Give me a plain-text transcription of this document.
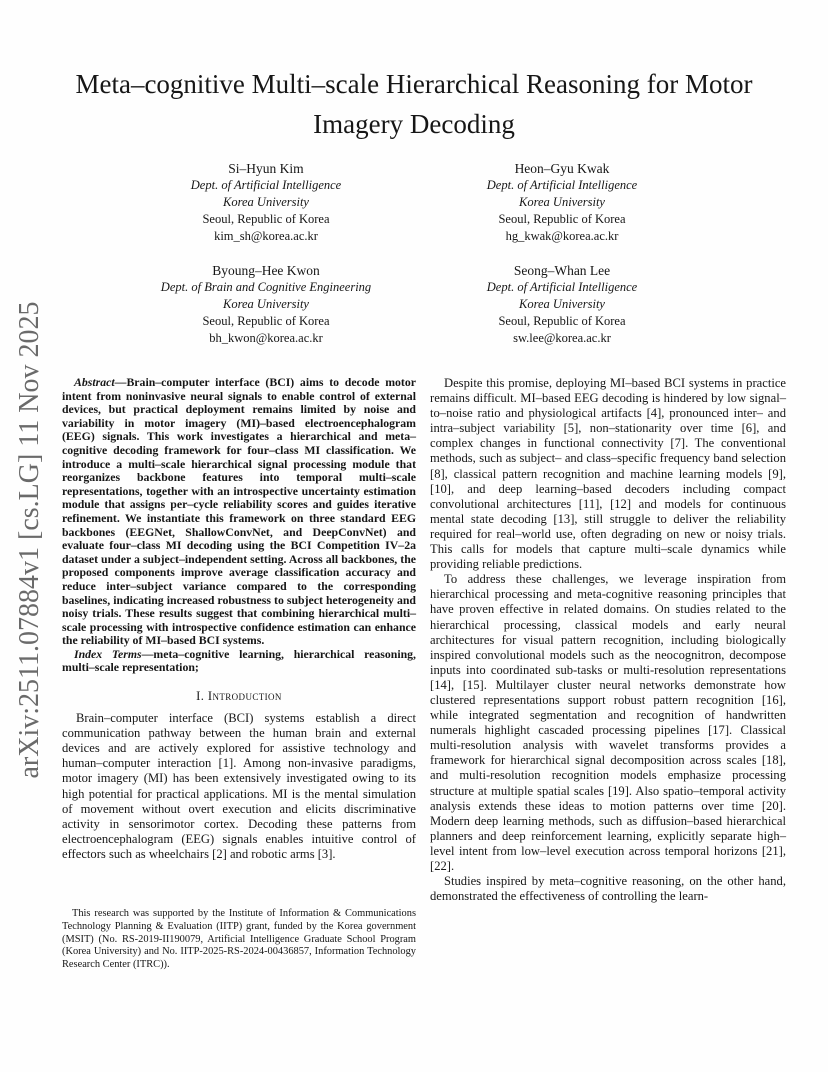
arXiv:2511.07884v1 [cs.LG] 11 Nov 2025
Meta–cognitive Multi–scale Hierarchical Reasoning for Motor Imagery Decoding
Si–Hyun Kim
Dept. of Artificial Intelligence
Korea University
Seoul, Republic of Korea
kim_sh@korea.ac.kr
Heon–Gyu Kwak
Dept. of Artificial Intelligence
Korea University
Seoul, Republic of Korea
hg_kwak@korea.ac.kr
Byoung–Hee Kwon
Dept. of Brain and Cognitive Engineering
Korea University
Seoul, Republic of Korea
bh_kwon@korea.ac.kr
Seong–Whan Lee
Dept. of Artificial Intelligence
Korea University
Seoul, Republic of Korea
sw.lee@korea.ac.kr

Abstract—Brain–computer interface (BCI) aims to decode motor intent from noninvasive neural signals to enable control of external devices, but practical deployment remains limited by noise and variability in motor imagery (MI)–based electroencephalogram (EEG) signals. This work investigates a hierarchical and meta–cognitive decoding framework for four–class MI classification. We introduce a multi–scale hierarchical signal processing module that reorganizes backbone features into temporal multi–scale representations, together with an introspective uncertainty estimation module that assigns per–cycle reliability scores and guides iterative refinement. We instantiate this framework on three standard EEG backbones (EEGNet, ShallowConvNet, and DeepConvNet) and evaluate four–class MI decoding using the BCI Competition IV–2a dataset under a subject–independent setting. Across all backbones, the proposed components improve average classification accuracy and reduce inter–subject variance compared to the corresponding baselines, indicating increased robustness to subject heterogeneity and noisy trials. These results suggest that combining hierarchical multi–scale processing with introspective confidence estimation can enhance the reliability of MI–based BCI systems.

Index Terms—meta–cognitive learning, hierarchical reasoning, multi–scale representation;

I. Introduction

Brain–computer interface (BCI) systems establish a direct communication pathway between the human brain and external devices and are actively explored for assistive technology and human–computer interaction [1]. Among non-invasive paradigms, motor imagery (MI) has been extensively investigated owing to its high potential for practical applications. MI is the mental simulation of movement without overt execution and elicits discriminative activity in sensorimotor cortex. Decoding these patterns from electroencephalogram (EEG) signals enables intuitive control of effectors such as wheelchairs [2] and robotic arms [3].

This research was supported by the Institute of Information & Communications Technology Planning & Evaluation (IITP) grant, funded by the Korea government (MSIT) (No. RS-2019-II190079, Artificial Intelligence Graduate School Program (Korea University) and No. IITP-2025-RS-2024-00436857, Information Technology Research Center (ITRC)).

Despite this promise, deploying MI–based BCI systems in practice remains difficult. MI–based EEG decoding is hindered by low signal–to–noise ratio and physiological artifacts [4], pronounced inter– and intra–subject variability [5], non–stationarity over time [6], and complex changes in functional connectivity [7]. The conventional methods, such as subject– and class–specific frequency band selection [8], classical pattern recognition and machine learning models [9], [10], and deep learning–based decoders including compact convolutional architectures [11], [12] and models for continuous mental state decoding [13], still struggle to deliver the reliability required for real–world use, often degrading on new or noisy trials. This calls for models that capture multi–scale dynamics while providing reliable predictions.

To address these challenges, we leverage inspiration from hierarchical processing and meta-cognitive reasoning principles that have proven effective in related domains. On studies related to the hierarchical processing, classical models and early neural architectures for visual pattern recognition, including biologically inspired convolutional models such as the neocognitron, decompose inputs into coordinated sub-tasks or multi-resolution representations [14], [15]. Multilayer cluster neural networks demonstrate how clustered representations support robust pattern recognition [16], while integrated segmentation and recognition of handwritten numerals highlight cascaded processing pipelines [17]. Classical multi-resolution analysis with wavelet transforms provides a framework for hierarchical signal decomposition across scales [18], and multi-resolution recognition models emphasize processing structure at multiple spatial scales [19]. Also spatio–temporal activity analysis extends these ideas to motion patterns over time [20]. Modern deep learning methods, such as diffusion–based hierarchical planners and deep reinforcement learning, explicitly separate high–level intent from low–level execution across temporal horizons [21], [22].

Studies inspired by meta–cognitive reasoning, on the other hand, demonstrated the effectiveness of controlling the learn-
